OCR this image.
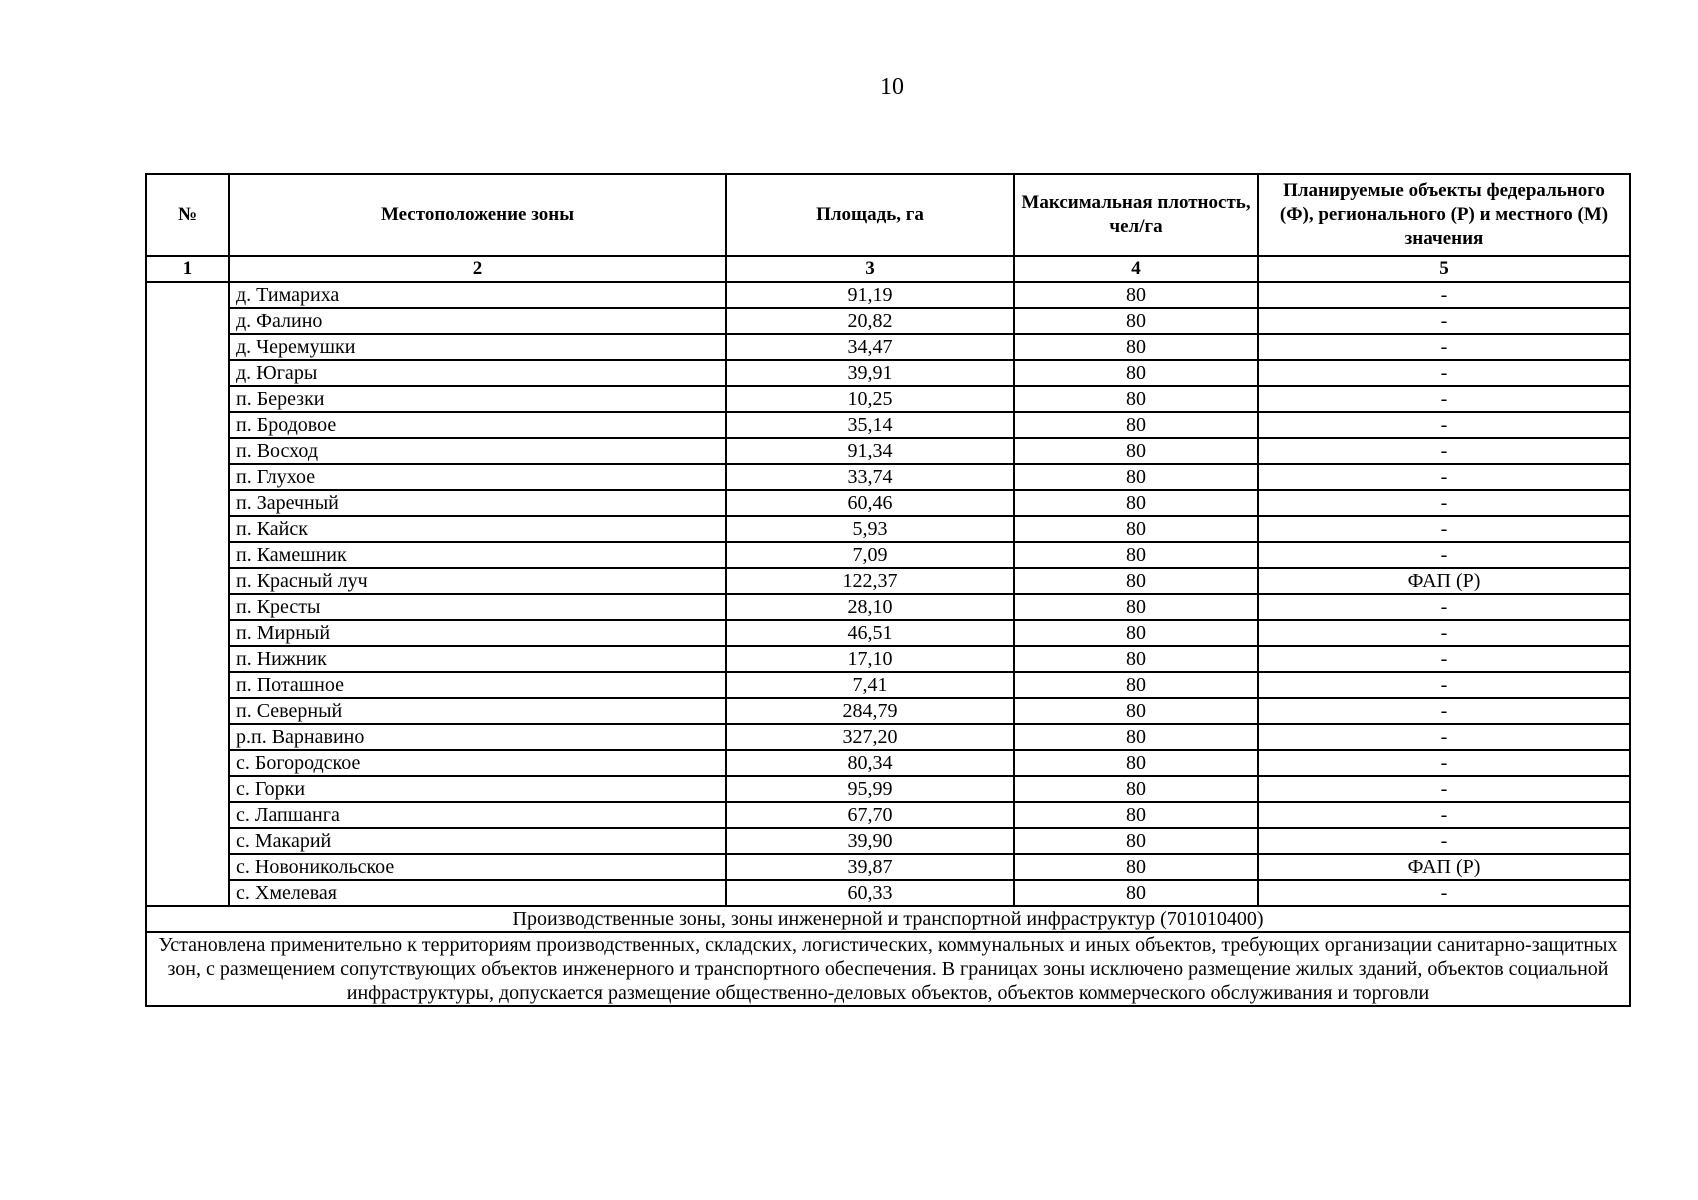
10
№	Местоположение зоны	Площадь, га	Максимальная плотность, чел/га	Планируемые объекты федерального (Ф), регионального (Р) и местного (М) значения
1	2	3	4	5
	д. Тимариха	91,19	80	-
	д. Фалино	20,82	80	-
	д. Черемушки	34,47	80	-
	д. Югары	39,91	80	-
	п. Березки	10,25	80	-
	п. Бродовое	35,14	80	-
	п. Восход	91,34	80	-
	п. Глухое	33,74	80	-
	п. Заречный	60,46	80	-
	п. Кайск	5,93	80	-
	п. Камешник	7,09	80	-
	п. Красный луч	122,37	80	ФАП (Р)
	п. Кресты	28,10	80	-
	п. Мирный	46,51	80	-
	п. Нижник	17,10	80	-
	п. Поташное	7,41	80	-
	п. Северный	284,79	80	-
	р.п. Варнавино	327,20	80	-
	с. Богородское	80,34	80	-
	с. Горки	95,99	80	-
	с. Лапшанга	67,70	80	-
	с. Макарий	39,90	80	-
	с. Новоникольское	39,87	80	ФАП (Р)
	с. Хмелевая	60,33	80	-
Производственные зоны, зоны инженерной и транспортной инфраструктур (701010400)				
Установлена применительно к территориям производственных, складских, логистических, коммунальных и иных объектов, требующих организации санитарно-защитных зон, с размещением сопутствующих объектов инженерного и транспортного обеспечения. В границах зоны исключено размещение жилых зданий, объектов социальной инфраструктуры, допускается размещение общественно-деловых объектов, объектов коммерческого обслуживания и торговли				
